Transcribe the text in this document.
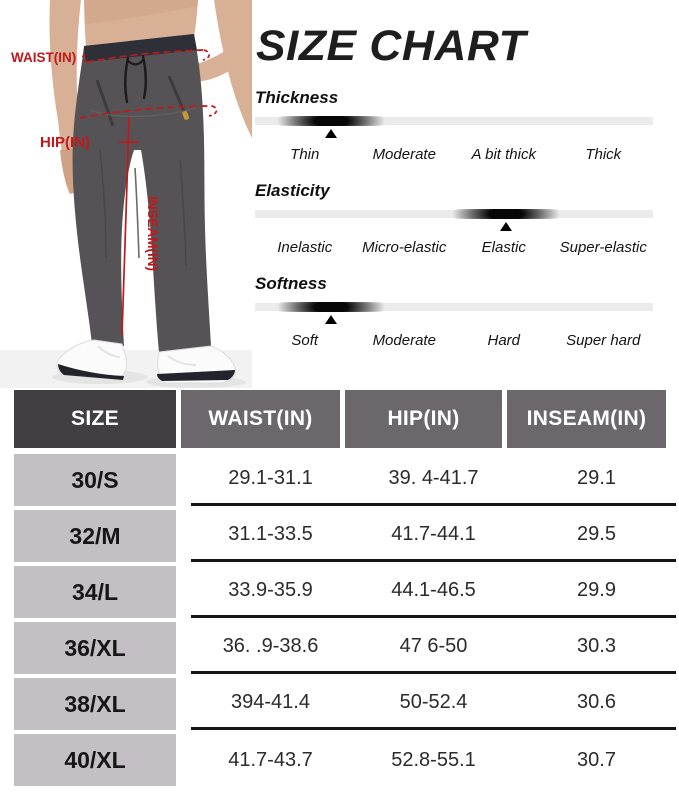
WAIST(IN)
HIP(IN)
INSEAM(IN)
SIZE CHART
Thickness
Thin	Moderate	A bit thick	Thick
Elasticity
Inelastic	Micro-elastic	Elastic	Super-elastic
Softness
Soft	Moderate	Hard	Super hard
SIZE	WAIST(IN)	HIP(IN)	INSEAM(IN)
30/S	29.1-31.1	39. 4-41.7	29.1
32/M	31.1-33.5	41.7-44.1	29.5
34/L	33.9-35.9	44.1-46.5	29.9
36/XL	36. .9-38.6	47 6-50	30.3
38/XL	394-41.4	50-52.4	30.6
40/XL	41.7-43.7	52.8-55.1	30.7
